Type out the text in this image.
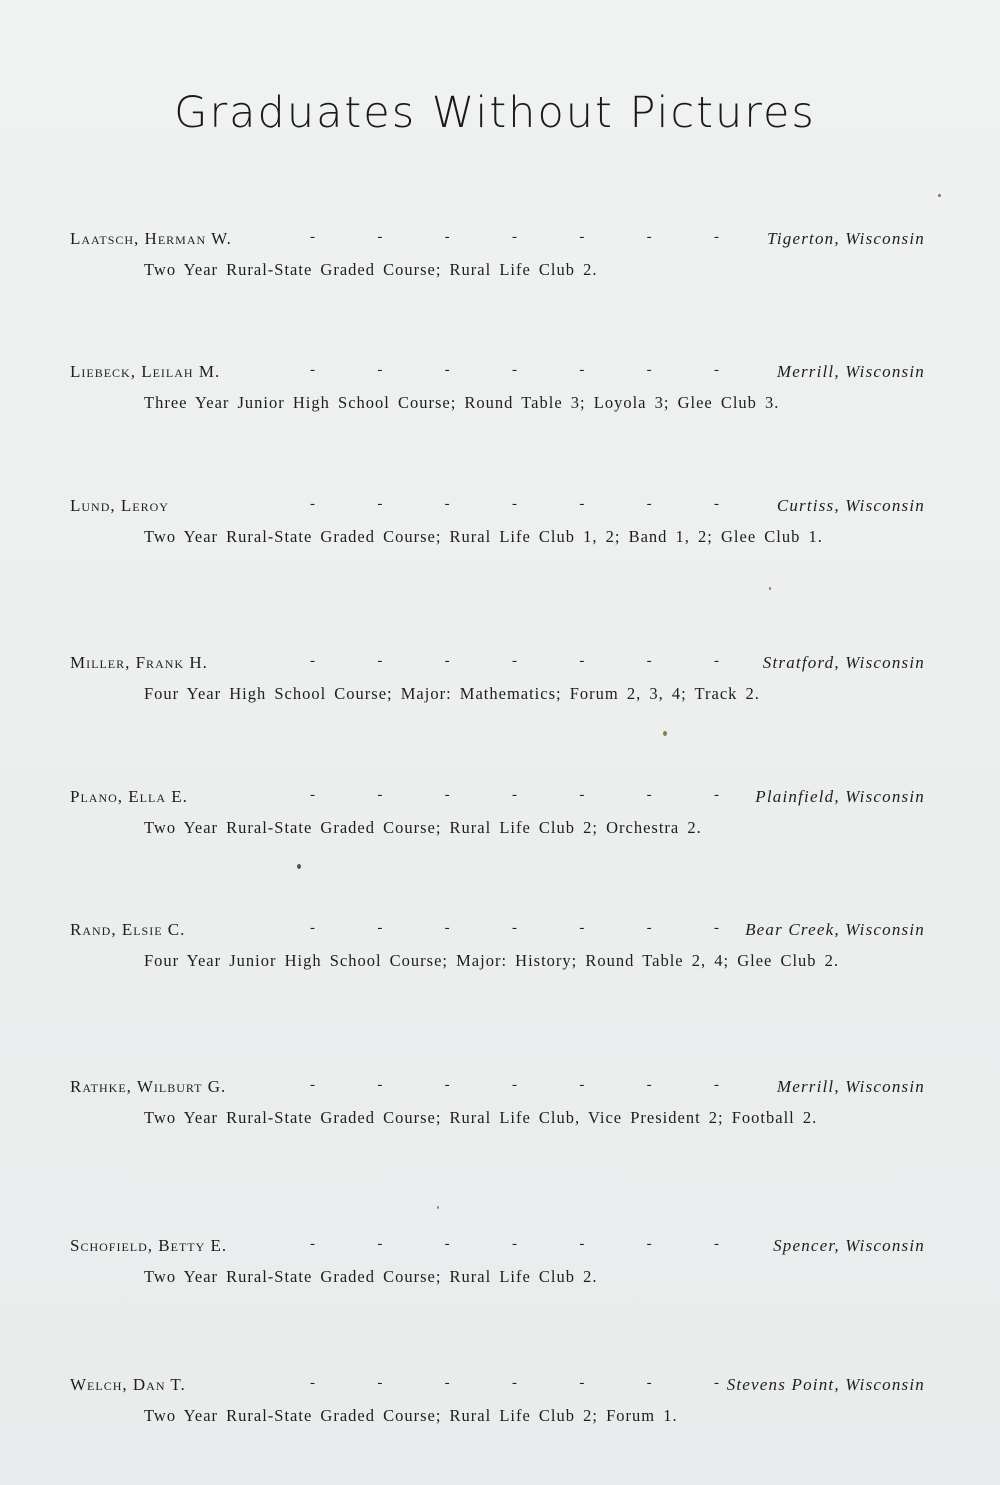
Graduates Without Pictures
Laatsch, Herman W.	-	-	-	-	-	-	-	Tigerton, Wisconsin
Two Year Rural-State Graded Course; Rural Life Club 2.
Liebeck, Leilah M.	-	-	-	-	-	-	-	Merrill, Wisconsin
Three Year Junior High School Course; Round Table 3; Loyola 3; Glee Club 3.
Lund, Leroy	-	-	-	-	-	-	-	Curtiss, Wisconsin
Two Year Rural-State Graded Course; Rural Life Club 1, 2; Band 1, 2; Glee Club 1.
Miller, Frank H.	-	-	-	-	-	-	-	Stratford, Wisconsin
Four Year High School Course; Major: Mathematics; Forum 2, 3, 4; Track 2.
Plano, Ella E.	-	-	-	-	-	-	- Plainfield, Wisconsin
Two Year Rural-State Graded Course; Rural Life Club 2; Orchestra 2.
Rand, Elsie C.	-	-	-	-	-	-	- Bear Creek, Wisconsin
Four Year Junior High School Course; Major: History; Round Table 2, 4; Glee Club 2.
Rathke, Wilburt G.	-	-	-	-	-	-	-	Merrill, Wisconsin
Two Year Rural-State Graded Course; Rural Life Club, Vice President 2; Football 2.
Schofield, Betty E.	-	-	-	-	-	-	-	Spencer, Wisconsin
Two Year Rural-State Graded Course; Rural Life Club 2.
Welch, Dan T.	-	-	-	-	-	-	- Stevens Point, Wisconsin
Two Year Rural-State Graded Course; Rural Life Club 2; Forum 1.
